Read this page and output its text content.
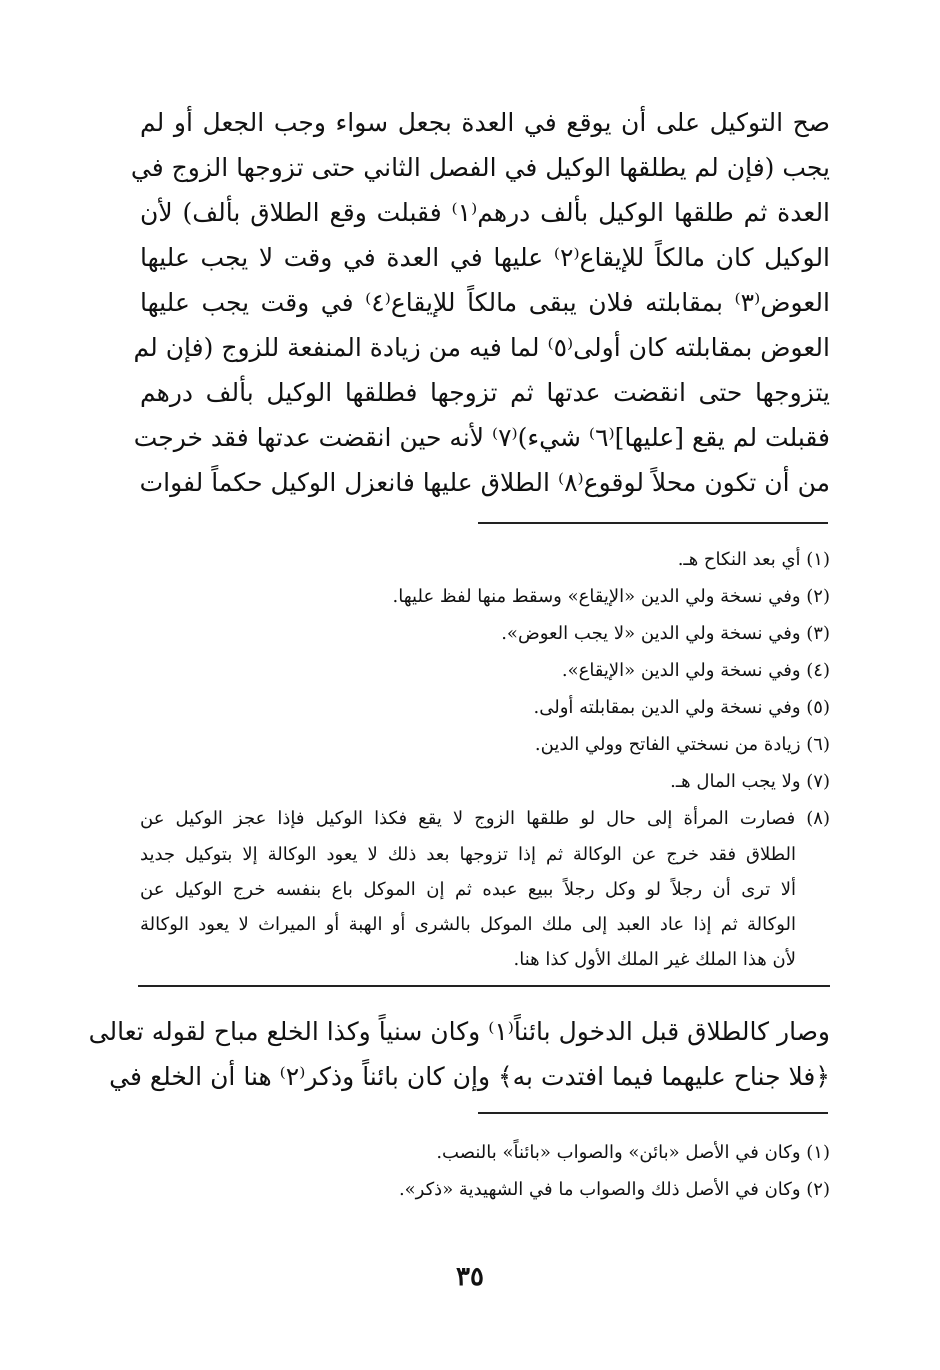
صح التوكيل على أن يوقع في العدة بجعل سواء وجب الجعل أو لم
يجب (فإن لم يطلقها الوكيل في الفصل الثاني حتى تزوجها الزوج في
العدة ثم طلقها الوكيل بألف درهم⁽١⁾ فقبلت وقع الطلاق بألف) لأن
الوكيل كان مالكاً للإيقاع⁽٢⁾ عليها في العدة في وقت لا يجب عليها
العوض⁽٣⁾ بمقابلته فلان يبقى مالكاً للإيقاع⁽٤⁾ في وقت يجب عليها
العوض بمقابلته كان أولى⁽٥⁾ لما فيه من زيادة المنفعة للزوج (فإن لم
يتزوجها حتى انقضت عدتها ثم تزوجها فطلقها الوكيل بألف درهم
فقبلت لم يقع [عليها]⁽٦⁾ شيء)⁽٧⁾ لأنه حين انقضت عدتها فقد خرجت
من أن تكون محلاً لوقوع⁽٨⁾ الطلاق عليها فانعزل الوكيل حكماً لفوات
(١) أي بعد النكاح هـ.
(٢) وفي نسخة ولي الدين «الإيقاع» وسقط منها لفظ عليها.
(٣) وفي نسخة ولي الدين «لا يجب العوض».
(٤) وفي نسخة ولي الدين «الإيقاع».
(٥) وفي نسخة ولي الدين بمقابلته أولى.
(٦) زيادة من نسختي الفاتح وولي الدين.
(٧) ولا يجب المال هـ.
(٨) فصارت المرأة إلى حال لو طلقها الزوج لا يقع فكذا الوكيل فإذا عجز الوكيل عن
الطلاق فقد خرج عن الوكالة ثم إذا تزوجها بعد ذلك لا يعود الوكالة إلا بتوكيل جديد
ألا ترى أن رجلاً لو وكل رجلاً ببيع عبده ثم إن الموكل باع بنفسه خرج الوكيل عن
الوكالة ثم إذا عاد العبد إلى ملك الموكل بالشرى أو الهبة أو الميراث لا يعود الوكالة
لأن هذا الملك غير الملك الأول كذا هنا.
وصار كالطلاق قبل الدخول بائناً⁽١⁾ وكان سنياً وكذا الخلع مباح لقوله تعالى
﴿فلا جناح عليهما فيما افتدت به﴾ وإن كان بائناً وذكر⁽٢⁾ هنا أن الخلع في
(١) وكان في الأصل «بائن» والصواب «بائناً» بالنصب.
(٢) وكان في الأصل ذلك والصواب ما في الشهيدية «ذكر».
٣٥
